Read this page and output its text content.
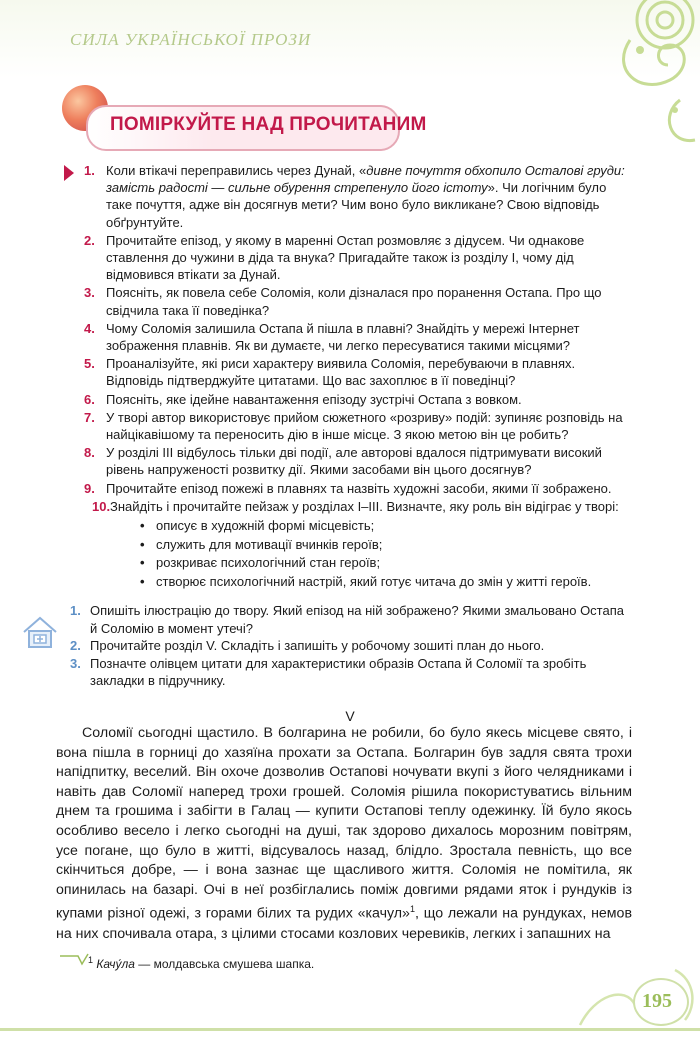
СИЛА УКРАЇНСЬКОЇ ПРОЗИ
ПОМІРКУЙТЕ НАД ПРОЧИТАНИМ
1. Коли втікачі переправились через Дунай, «дивне почуття обхопило Осталові груди: замість радості — сильне обурення стрепенуло його істоту». Чи логічним було таке почуття, адже він досягнув мети? Чим воно було викликане? Свою відповідь обґрунтуйте.
2. Прочитайте епізод, у якому в маренні Остап розмовляє з дідусем. Чи однакове ставлення до чужини в діда та внука? Пригадайте також із розділу I, чому дід відмовився втікати за Дунай.
3. Поясніть, як повела себе Соломія, коли дізналася про поранення Остапа. Про що свідчила така її поведінка?
4. Чому Соломія залишила Остапа й пішла в плавні? Знайдіть у мережі Інтернет зображення плавнів. Як ви думаєте, чи легко пересуватися такими місцями?
5. Проаналізуйте, які риси характеру виявила Соломія, перебуваючи в плавнях. Відповідь підтверджуйте цитатами. Що вас захоплює в її поведінці?
6. Поясніть, яке ідейне навантаження епізоду зустрічі Остапа з вовком.
7. У творі автор використовує прийом сюжетного «розриву» подій: зупиняє розповідь на найцікавішому та переносить дію в інше місце. З якою метою він це робить?
8. У розділі III відбулось тільки дві події, але авторові вдалося підтримувати високий рівень напруженості розвитку дії. Якими засобами він цього досягнув?
9. Прочитайте епізод пожежі в плавнях та назвіть художні засоби, якими її зображено.
10. Знайдіть і прочитайте пейзаж у розділах I–III. Визначте, яку роль він відіграє у творі:
• описує в художній формі місцевість;
• служить для мотивації вчинків героїв;
• розкриває психологічний стан героїв;
• створює психологічний настрій, який готує читача до змін у житті героїв.
1. Опишіть ілюстрацію до твору. Який епізод на ній зображено? Якими змальовано Остапа й Соломію в момент утечі?
2. Прочитайте розділ V. Складіть і запишіть у робочому зошиті план до нього.
3. Позначте олівцем цитати для характеристики образів Остапа й Соломії та зробіть закладки в підручнику.
V

Соломії сьогодні щастило. В болгарина не робили, бо було якесь місцеве свято, і вона пішла в горниці до хазяїна прохати за Остапа. Болгарин був задля свята трохи напідпитку, веселий. Він охоче дозволив Остапові ночувати вкупі з його челядниками і навіть дав Соломії наперед трохи грошей. Соломія рішила покористуватись вільним днем та грошима і забігти в Галац — купити Остапові теплу одежинку. Їй було якось особливо весело і легко сьогодні на душі, так здорово дихалось морозним повітрям, усе погане, що було в житті, відсувалось назад, блідло. Зростала певність, що все скінчиться добре, — і вона зазнає ще щасливого життя. Соломія не помітила, як опинилась на базарі. Очі в неї розбіглались поміж довгими рядами яток і рундуків із купами різної одежі, з горами білих та рудих «качул»$^1$, що лежали на рундуках, немов на них спочивала отара, з цілими стосами козлових черевиків, легких і запашних на

$^1$ Качу́ла — молдавська смушева шапка.
195
